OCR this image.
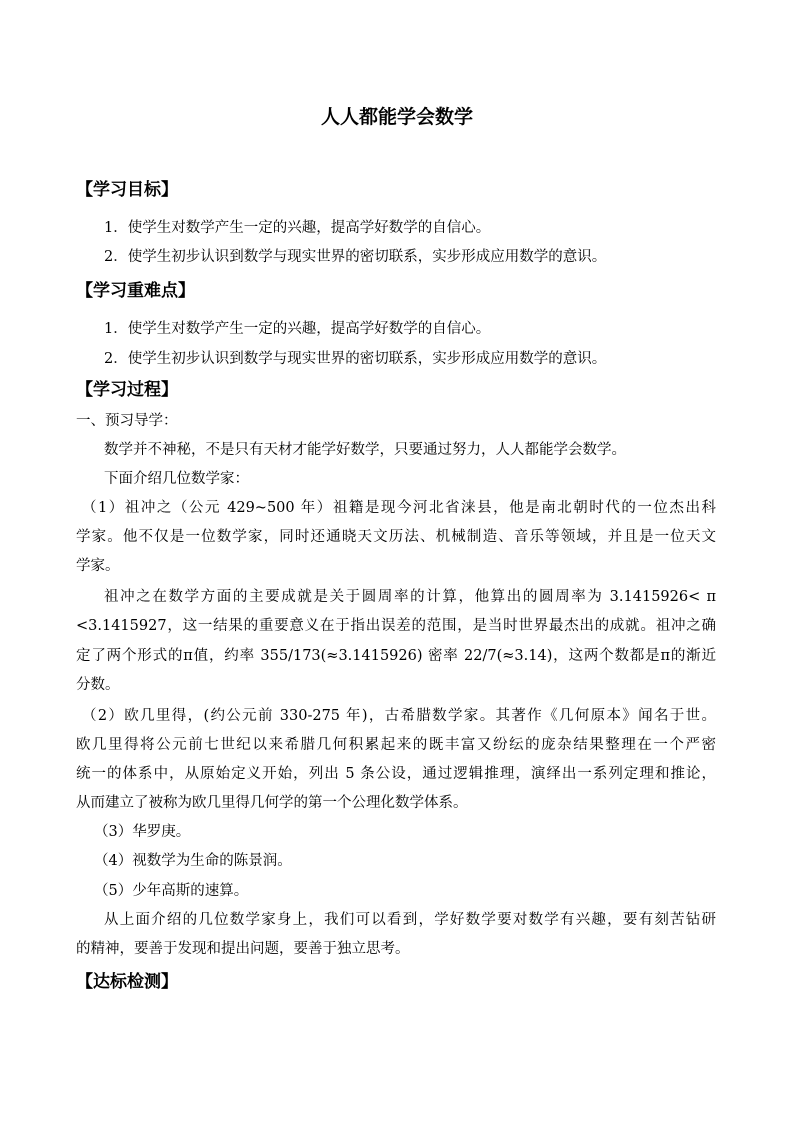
人人都能学会数学
【学习目标】
1．使学生对数学产生一定的兴趣，提高学好数学的自信心。
2．使学生初步认识到数学与现实世界的密切联系，实步形成应用数学的意识。
【学习重难点】
1．使学生对数学产生一定的兴趣，提高学好数学的自信心。
2．使学生初步认识到数学与现实世界的密切联系，实步形成应用数学的意识。
【学习过程】
一、预习导学：
数学并不神秘，不是只有天材才能学好数学，只要通过努力，人人都能学会数学。
下面介绍几位数学家：
（1）祖冲之（公元 429~500 年）祖籍是现今河北省涞县，他是南北朝时代的一位杰出科
学家。他不仅是一位数学家，同时还通晓天文历法、机械制造、音乐等领域，并且是一位天文
学家。
祖冲之在数学方面的主要成就是关于圆周率的计算，他算出的圆周率为 3.1415926< π
<3.1415927，这一结果的重要意义在于指出误差的范围，是当时世界最杰出的成就。祖冲之确
定了两个形式的π值，约率 355/173(≈3.1415926) 密率 22/7(≈3.14)，这两个数都是π的渐近
分数。
（2）欧几里得，(约公元前 330-275 年)，古希腊数学家。其著作《几何原本》闻名于世。
欧几里得将公元前七世纪以来希腊几何积累起来的既丰富又纷纭的庞杂结果整理在一个严密
统一的体系中，从原始定义开始，列出 5 条公设，通过逻辑推理，演绎出一系列定理和推论，
从而建立了被称为欧几里得几何学的第一个公理化数学体系。
（3）华罗庚。
（4）视数学为生命的陈景润。
（5）少年高斯的速算。
从上面介绍的几位数学家身上，我们可以看到，学好数学要对数学有兴趣，要有刻苦钻研
的精神，要善于发现和提出问题，要善于独立思考。
【达标检测】
